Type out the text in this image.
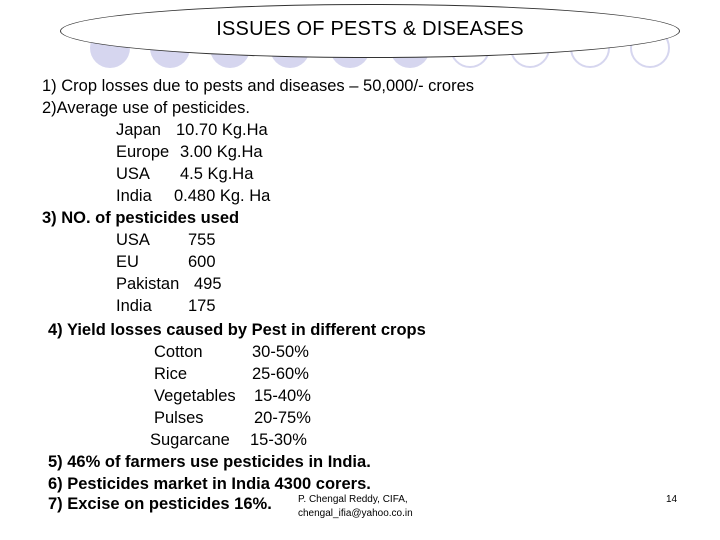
ISSUES OF PESTS & DISEASES
1) Crop losses due to pests and diseases – 50,000/- crores
2)Average use of pesticides.
Japan 10.70 Kg.Ha
Europe 3.00 Kg.Ha
USA 4.5 Kg.Ha
India 0.480 Kg. Ha
3) NO. of pesticides used
USA 755
EU	600
Pakistan 495
India 175
4) Yield losses caused by Pest in different crops
Cotton	30-50%
Rice	25-60%
Vegetables 15-40%
Pulses	20-75%
Sugarcane 15-30%
5) 46% of farmers use pesticides in India.
6) Pesticides market in India 4300 corers.
7) Excise on pesticides 16%.	P. Chengal Reddy, CIFA,
chengal_ifia@yahoo.co.in
14
